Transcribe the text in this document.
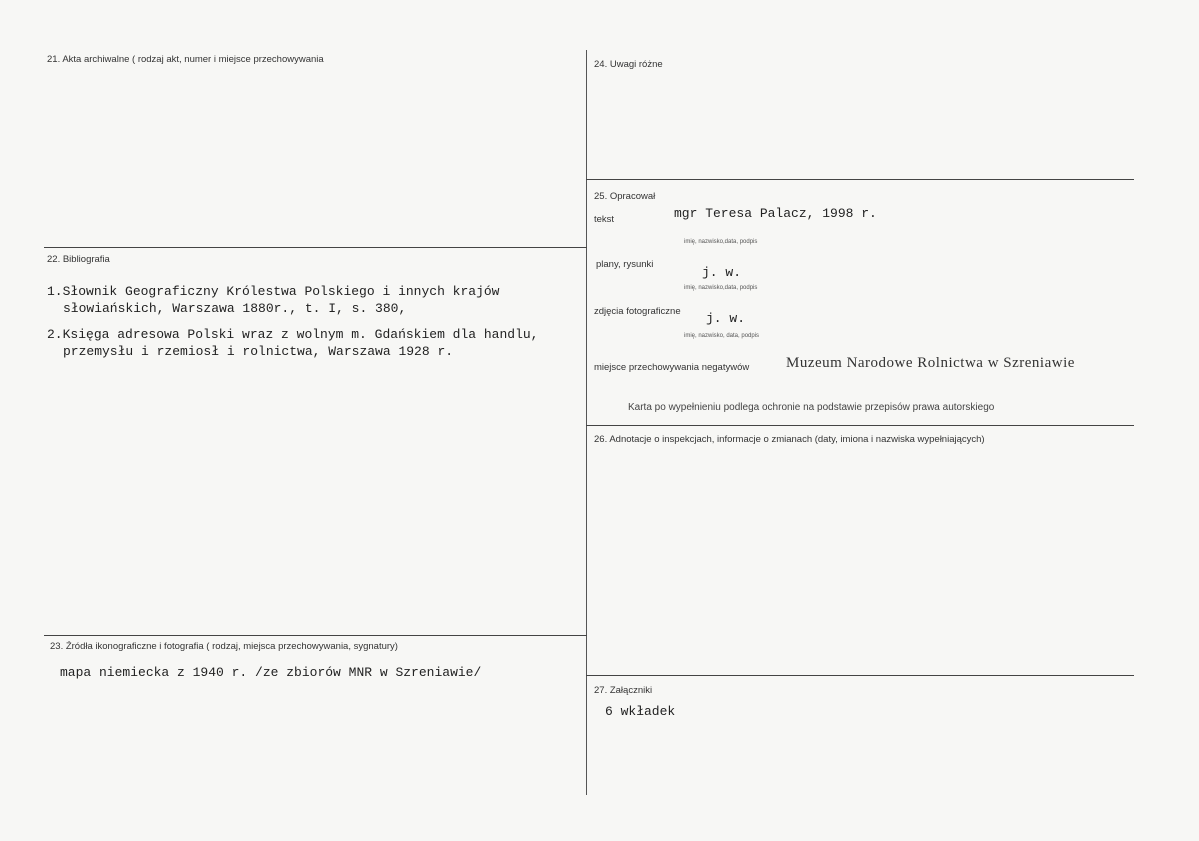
21. Akta archiwalne ( rodzaj akt, numer i miejsce przechowywania
22. Bibliografia
1.Słownik Geograficzny Królestwa Polskiego i innych krajów
słowiańskich, Warszawa 1880r., t. I, s. 380,
2.Księga adresowa Polski wraz z wolnym m. Gdańskiem dla handlu,
przemysłu i rzemiosł i rolnictwa, Warszawa 1928 r.
23. Źródła ikonograficzne i fotografia ( rodzaj, miejsca przechowywania, sygnatury)
mapa niemiecka z 1940 r. /ze zbiorów MNR w Szreniawie/
24. Uwagi różne
25. Opracował
tekst	mgr Teresa Palacz, 1998 r.
imię, nazwisko,data, podpis
plany, rysunki
j. w.
imię, nazwisko,data, podpis
zdjęcia fotograficzne j. w.
imię, nazwisko, data, podpis
miejsce przechowywania negatywów Muzeum Narodowe Rolnictwa w Szreniawie
Karta po wypełnieniu podlega ochronie na podstawie przepisów prawa autorskiego
26. Adnotacje o inspekcjach, informacje o zmianach (daty, imiona i nazwiska wypełniających)
27. Załączniki
6 wkładek
